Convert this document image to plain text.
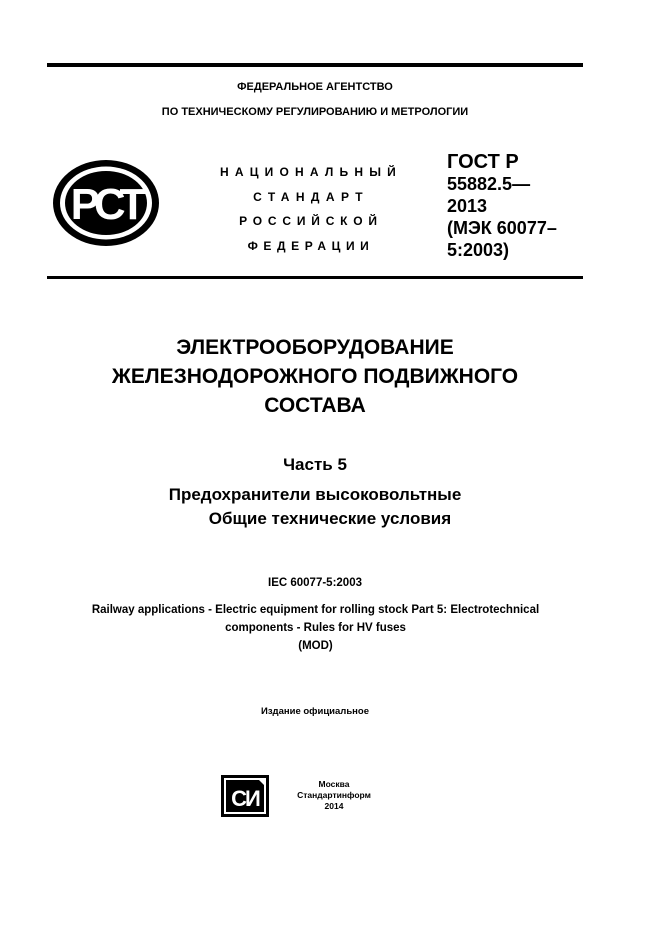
ФЕДЕРАЛЬНОЕ АГЕНТСТВО
ПО ТЕХНИЧЕСКОМУ РЕГУЛИРОВАНИЮ И МЕТРОЛОГИИ
РСТ
НАЦИОНАЛЬНЫЙ
СТАНДАРТ
РОССИЙСКОЙ
ФЕДЕРАЦИИ
ГОСТ Р
55882.5—
2013
(МЭК 60077–
5:2003)
ЭЛЕКТРООБОРУДОВАНИЕ
ЖЕЛЕЗНОДОРОЖНОГО ПОДВИЖНОГО
СОСТАВА
Часть 5
Предохранители высоковольтные
Общие технические условия
IEC 60077-5:2003
Railway applications - Electric equipment for rolling stock Part 5: Electrotechnical
components - Rules for HV fuses
(MOD)
Издание официальное
СИ
Москва
Стандартинформ
2014
